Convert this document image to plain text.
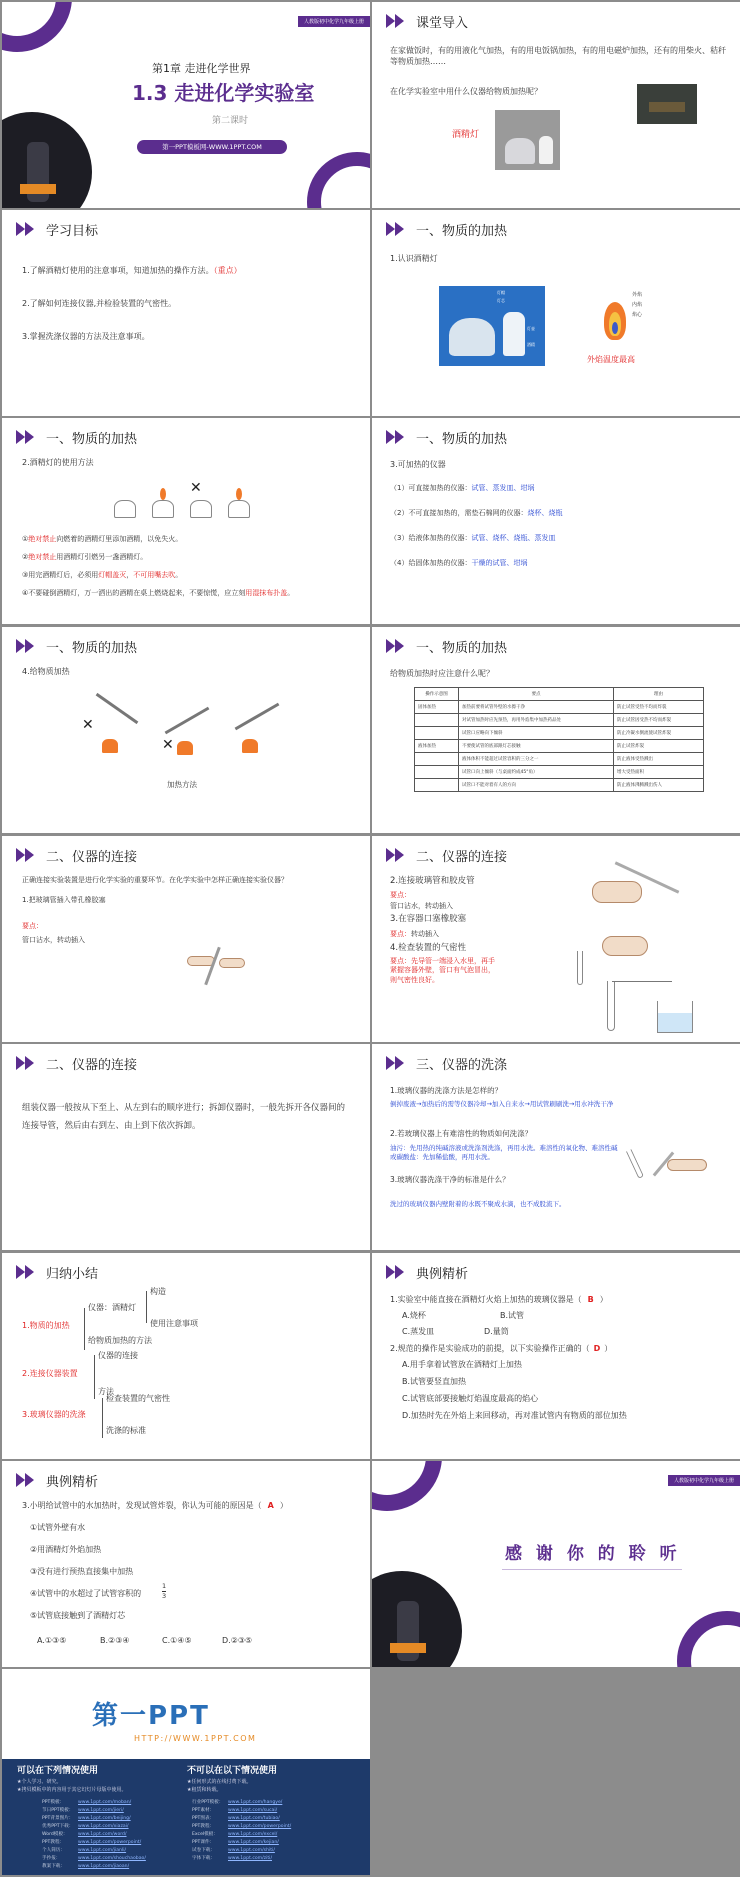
人教版初中化学九年级上册
第1章 走进化学世界
1.3 走进化学实验室
第二课时
第一PPT模板网-WWW.1PPT.COM
课堂导入
在家做饭时，有的用液化气加热，有的用电饭锅加热，有的用电磁炉加热，还有的用柴火、秸秆等物质加热……
在化学实验室中用什么仪器给物质加热呢？
酒精灯
学习目标
1.了解酒精灯使用的注意事项，知道加热的操作方法。（重点）
2.了解如何连接仪器,并检验装置的气密性。
3.掌握洗涤仪器的方法及注意事项。
一、物质的加热
1.认识酒精灯
灯帽
灯芯
灯壶
酒精
外焰
内焰
焰心
外焰温度最高
一、物质的加热
2.酒精灯的使用方法
✕
①绝对禁止向燃着的酒精灯里添加酒精，以免失火。
②绝对禁止用酒精灯引燃另一盏酒精灯。
③用完酒精灯后，必须用灯帽盖灭，不可用嘴去吹。
④不要碰倒酒精灯，万一洒出的酒精在桌上燃烧起来，不要惊慌，应立刻用湿抹布扑盖。
一、物质的加热
3.可加热的仪器
（1）可直接加热的仪器：试管、蒸发皿、坩埚
（2）不可直接加热的，需垫石棉网的仪器：烧杯、烧瓶
（3）给液体加热的仪器：试管、烧杯、烧瓶、蒸发皿
（4）给固体加热的仪器：干燥的试管、坩埚
一、物质的加热
4.给物质加热
✕
✕
加热方法
一、物质的加热
给物质加热时应注意什么呢？
操作示意图	要点	理由
固体加热	加热前要将试管外壁的水擦干净	防止试管受热不均而炸裂
	对试管加热时应先预热，再用外焰集中加热药品处	防止试管因受热不均而炸裂
	试管口应略向下倾斜	防止冷凝水倒流使试管炸裂
液体加热	不要使试管的底部跟灯芯接触	防止试管炸裂
	液体体积不能超过试管容积的三分之一	防止液体受热溅出
	试管口向上倾斜（与桌面约成45°角）	增大受热面积
	试管口不能对着有人的方向	防止液体沸腾溅出伤人
二、仪器的连接
正确连接实验装置是进行化学实验的重要环节。在化学实验中怎样正确连接实验仪器？
1.把玻璃管插入带孔橡胶塞
要点：
管口沾水，转动插入
二、仪器的连接
2.连接玻璃管和胶皮管
要点：
管口沾水，转动插入
3.在容器口塞橡胶塞
要点：转动插入
4.检查装置的气密性
要点：先导管一端浸入水里，再手紧握容器外壁，管口有气泡冒出，则气密性良好。
二、仪器的连接
组装仪器一般按从下至上、从左到右的顺序进行；拆卸仪器时，一般先拆开各仪器间的连接导管，然后由右到左、由上到下依次拆卸。
三、仪器的洗涤
1.玻璃仪器的洗涤方法是怎样的？
倒掉废液→加热后的需等仪器冷却→加入自来水→用试管刷刷洗→用水冲洗干净
2.若玻璃仪器上有难溶性的物质如何洗涤？
油污：先用热的纯碱溶液或洗涤剂洗涤，再用水洗。难溶性的氧化物、难溶性碱或碳酸盐：先加稀盐酸，再用水洗。
3.玻璃仪器洗涤干净的标准是什么？
洗过的玻璃仪器内壁附着的水既不聚成水滴，也不成股流下。
归纳小结
1.物质的加热
仪器：酒精灯
构造
使用注意事项
给物质加热的方法
2.连接仪器装置
仪器的连接
方法
3.玻璃仪器的洗涤
检查装置的气密性
洗涤的标准
典例精析
1.实验室中能直接在酒精灯火焰上加热的玻璃仪器是（ B ）
A.烧杯	B.试管
C.蒸发皿	D.量筒
2.规范的操作是实验成功的前提，以下实验操作正确的（ D ）
A.用手拿着试管放在酒精灯上加热
B.试管要竖直加热
C.试管底部要接触灯焰温度最高的焰心
D.加热时先在外焰上来回移动，再对准试管内有物质的部位加热
典例精析
3.小明给试管中的水加热时，发现试管炸裂，你认为可能的原因是（ A ）
①试管外壁有水
②用酒精灯外焰加热
③没有进行预热直接集中加热
④试管中的水超过了试管容积的	$\frac{1}{3}$
⑤试管底接触到了酒精灯芯
A.①③⑤	B.②③④	C.①④⑤	D.②③⑤
人教版初中化学九年级上册
感 谢 你 的 聆 听
第一PPT
HTTP://WWW.1PPT.COM
可以在下列情况使用
★个人学习、研究。
★拷贝模板中的内容用于其它幻灯片母版中使用。
不可以在以下情况使用
★任何形式的在线付费下载。
★租赁和转载。
PPT模板：	www.1ppt.com/moban/
节日PPT模板： www.1ppt.com/jieri/
PPT背景图片： www.1ppt.com/beijing/
优秀PPT下载： www.1ppt.com/xiazai/
Word模板： www.1ppt.com/word/
PPT教程：	www.1ppt.com/powerpoint/
个人简历：	www.1ppt.com/jianli/
手抄报：	www.1ppt.com/shouchaobao/
教案下载：	www.1ppt.com/jiaoan/
行业PPT模板： www.1ppt.com/hangye/
PPT素材：	www.1ppt.com/sucai/
PPT图表：	www.1ppt.com/tubiao/
PPT教程：	www.1ppt.com/powerpoint/
Excel模板： www.1ppt.com/excel/
PPT课件：	www.1ppt.com/kejian/
试卷下载：	www.1ppt.com/shiti/
字体下载：	www.1ppt.com/ziti/
